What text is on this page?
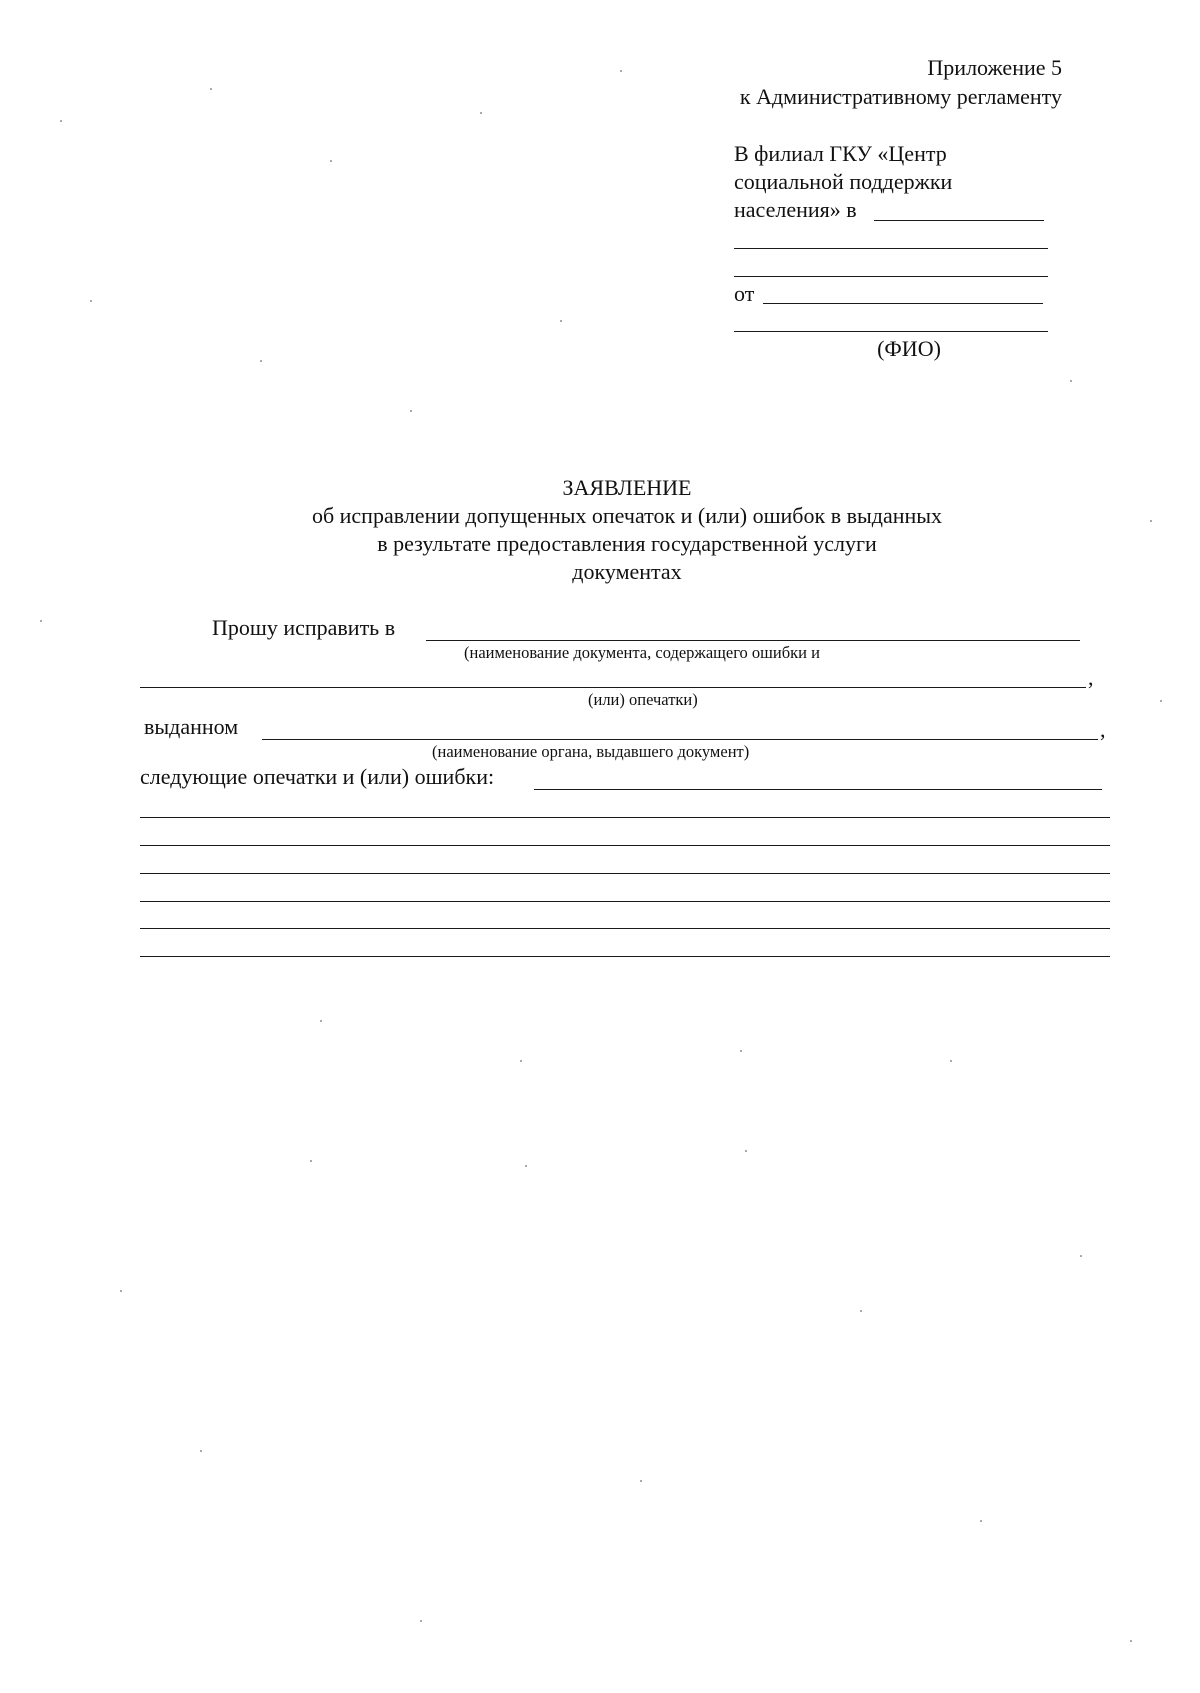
Приложение 5
к Административному регламенту
В филиал ГКУ «Центр
социальной поддержки
населения» в
от
(ФИО)
ЗАЯВЛЕНИЕ
об исправлении допущенных опечаток и (или) ошибок в выданных
в результате предоставления государственной услуги
документах
Прошу исправить в
(наименование документа, содержащего ошибки и
,
(или) опечатки)
выданном	,
(наименование органа, выдавшего документ)
следующие опечатки и (или) ошибки:
